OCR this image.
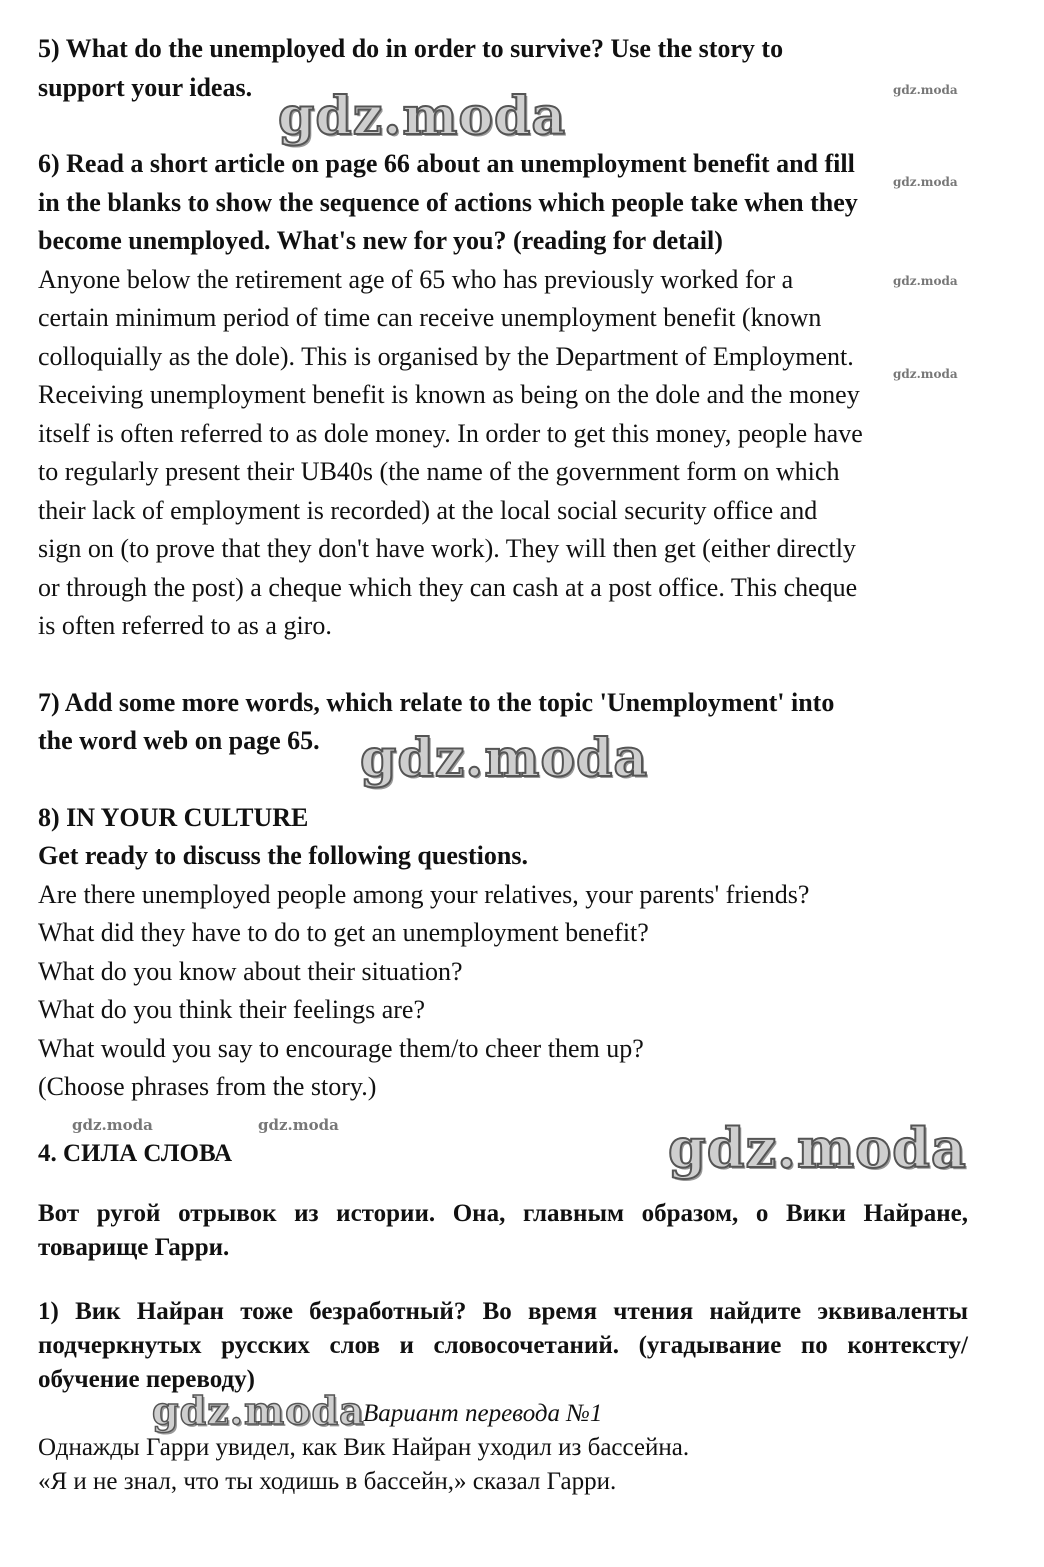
5) What do the unemployed do in order to survive? Use the story to

support your ideas.

6) Read a short article on page 66 about an unemployment benefit and fill

in the blanks to show the sequence of actions which people take when they

become unemployed. What's new for you? (reading for detail)

Anyone below the retirement age of 65 who has previously worked for a

certain minimum period of time can receive unemployment benefit (known

colloquially as the dole). This is organised by the Department of Employment.

Receiving unemployment benefit is known as being on the dole and the money

itself is often referred to as dole money. In order to get this money, people have

to regularly present their UB40s (the name of the government form on which

their lack of employment is recorded) at the local social security office and

sign on (to prove that they don't have work). They will then get (either directly

or through the post) a cheque which they can cash at a post office. This cheque

is often referred to as a giro.

7) Add some more words, which relate to the topic 'Unemployment' into

the word web on page 65.

8) IN YOUR CULTURE

Get ready to discuss the following questions.

Are there unemployed people among your relatives, your parents' friends?

What did they have to do to get an unemployment benefit?

What do you know about their situation?

What do you think their feelings are?

What would you say to encourage them/to cheer them up?

(Choose phrases from the story.)

4. СИЛА СЛОВА

Вот ругой отрывок из истории. Она, главным образом, о Вики Найране, товарище Гарри.

1) Вик Найран тоже безработный? Во время чтения найдите эквиваленты подчеркнутых русских слов и словосочетаний. (угадывание по контексту/обучение переводу)

Вариант перевода №1

Однажды Гарри увидел, как Вик Найран уходил из бассейна.

«Я и не знал, что ты ходишь в бассейн,» сказал Гарри.

gdz.moda
gdz.moda
gdz.moda
gdz.moda
gdz.moda
gdz.moda
gdz.moda
gdz.moda
gdz.moda	gdz.moda
